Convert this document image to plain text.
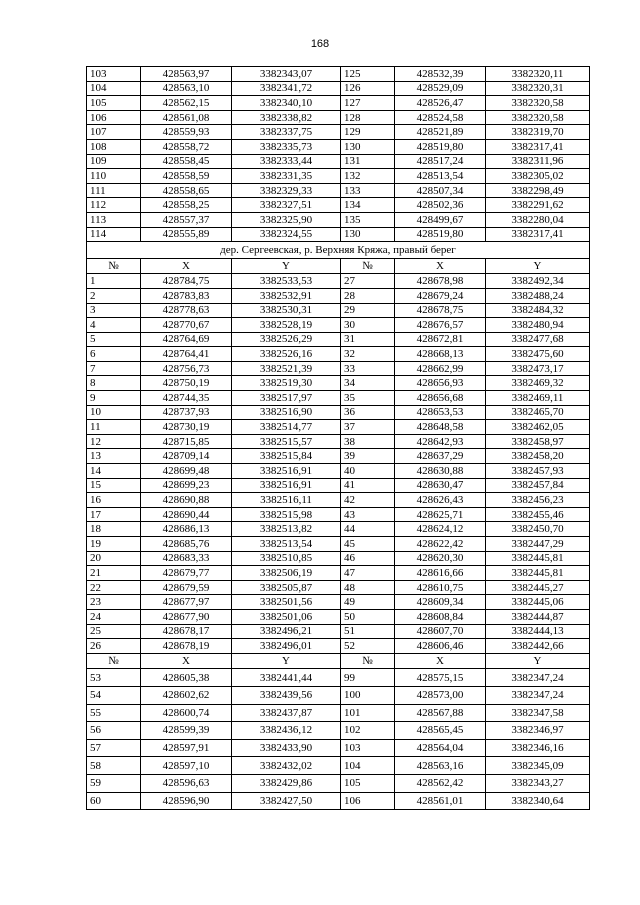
168
103	428563,97	3382343,07	125	428532,39	3382320,11
104	428563,10	3382341,72	126	428529,09	3382320,31
105	428562,15	3382340,10	127	428526,47	3382320,58
106	428561,08	3382338,82	128	428524,58	3382320,58
107	428559,93	3382337,75	129	428521,89	3382319,70
108	428558,72	3382335,73	130	428519,80	3382317,41
109	428558,45	3382333,44	131	428517,24	3382311,96
110	428558,59	3382331,35	132	428513,54	3382305,02
111	428558,65	3382329,33	133	428507,34	3382298,49
112	428558,25	3382327,51	134	428502,36	3382291,62
113	428557,37	3382325,90	135	428499,67	3382280,04
114	428555,89	3382324,55	130	428519,80	3382317,41
дер. Сергеевская, р. Верхняя Кряжа, правый берег					
№	X	Y	№	X	Y
1	428784,75	3382533,53	27	428678,98	3382492,34
2	428783,83	3382532,91	28	428679,24	3382488,24
3	428778,63	3382530,31	29	428678,75	3382484,32
4	428770,67	3382528,19	30	428676,57	3382480,94
5	428764,69	3382526,29	31	428672,81	3382477,68
6	428764,41	3382526,16	32	428668,13	3382475,60
7	428756,73	3382521,39	33	428662,99	3382473,17
8	428750,19	3382519,30	34	428656,93	3382469,32
9	428744,35	3382517,97	35	428656,68	3382469,11
10	428737,93	3382516,90	36	428653,53	3382465,70
11	428730,19	3382514,77	37	428648,58	3382462,05
12	428715,85	3382515,57	38	428642,93	3382458,97
13	428709,14	3382515,84	39	428637,29	3382458,20
14	428699,48	3382516,91	40	428630,88	3382457,93
15	428699,23	3382516,91	41	428630,47	3382457,84
16	428690,88	3382516,11	42	428626,43	3382456,23
17	428690,44	3382515,98	43	428625,71	3382455,46
18	428686,13	3382513,82	44	428624,12	3382450,70
19	428685,76	3382513,54	45	428622,42	3382447,29
20	428683,33	3382510,85	46	428620,30	3382445,81
21	428679,77	3382506,19	47	428616,66	3382445,81
22	428679,59	3382505,87	48	428610,75	3382445,27
23	428677,97	3382501,56	49	428609,34	3382445,06
24	428677,90	3382501,06	50	428608,84	3382444,87
25	428678,17	3382496,21	51	428607,70	3382444,13
26	428678,19	3382496,01	52	428606,46	3382442,66
№	X	Y	№	X	Y
53	428605,38	3382441,44	99	428575,15	3382347,24
54	428602,62	3382439,56	100	428573,00	3382347,24
55	428600,74	3382437,87	101	428567,88	3382347,58
56	428599,39	3382436,12	102	428565,45	3382346,97
57	428597,91	3382433,90	103	428564,04	3382346,16
58	428597,10	3382432,02	104	428563,16	3382345,09
59	428596,63	3382429,86	105	428562,42	3382343,27
60	428596,90	3382427,50	106	428561,01	3382340,64
